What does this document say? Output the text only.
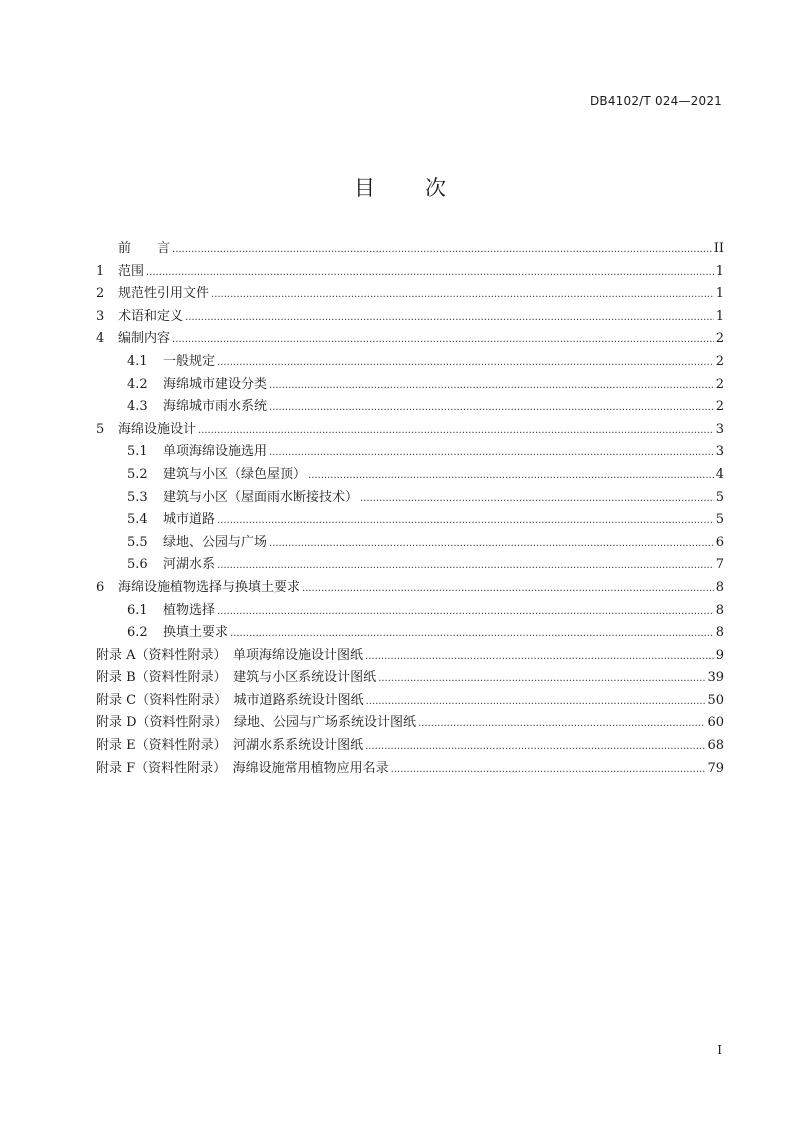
DB4102/T 024—2021
目 次
前　　言 .....	II
1 范围 .....	1
2 规范性引用文件 .....	1
3 术语和定义 .....	1
4 编制内容 .....	2
4.1 一般规定 .....	2
4.2 海绵城市建设分类 .....	2
4.3 海绵城市雨水系统 .....	2
5 海绵设施设计 .....	3
5.1 单项海绵设施选用 .....	3
5.2 建筑与小区（绿色屋顶） .....	4
5.3 建筑与小区（屋面雨水断接技术） .....	5
5.4 城市道路 .....	5
5.5 绿地、公园与广场 .....	6
5.6 河湖水系 .....	7
6 海绵设施植物选择与换填土要求 .....	8
6.1 植物选择 .....	8
6.2 换填土要求 .....	8
附录 A（资料性附录）　单项海绵设施设计图纸 .....	9
附录 B（资料性附录）　建筑与小区系统设计图纸 .....	39
附录 C（资料性附录）　城市道路系统设计图纸 .....	50
附录 D（资料性附录）　绿地、公园与广场系统设计图纸 .....	60
附录 E（资料性附录）　河湖水系系统设计图纸 .....	68
附录 F（资料性附录）　海绵设施常用植物应用名录 .....	79
I
